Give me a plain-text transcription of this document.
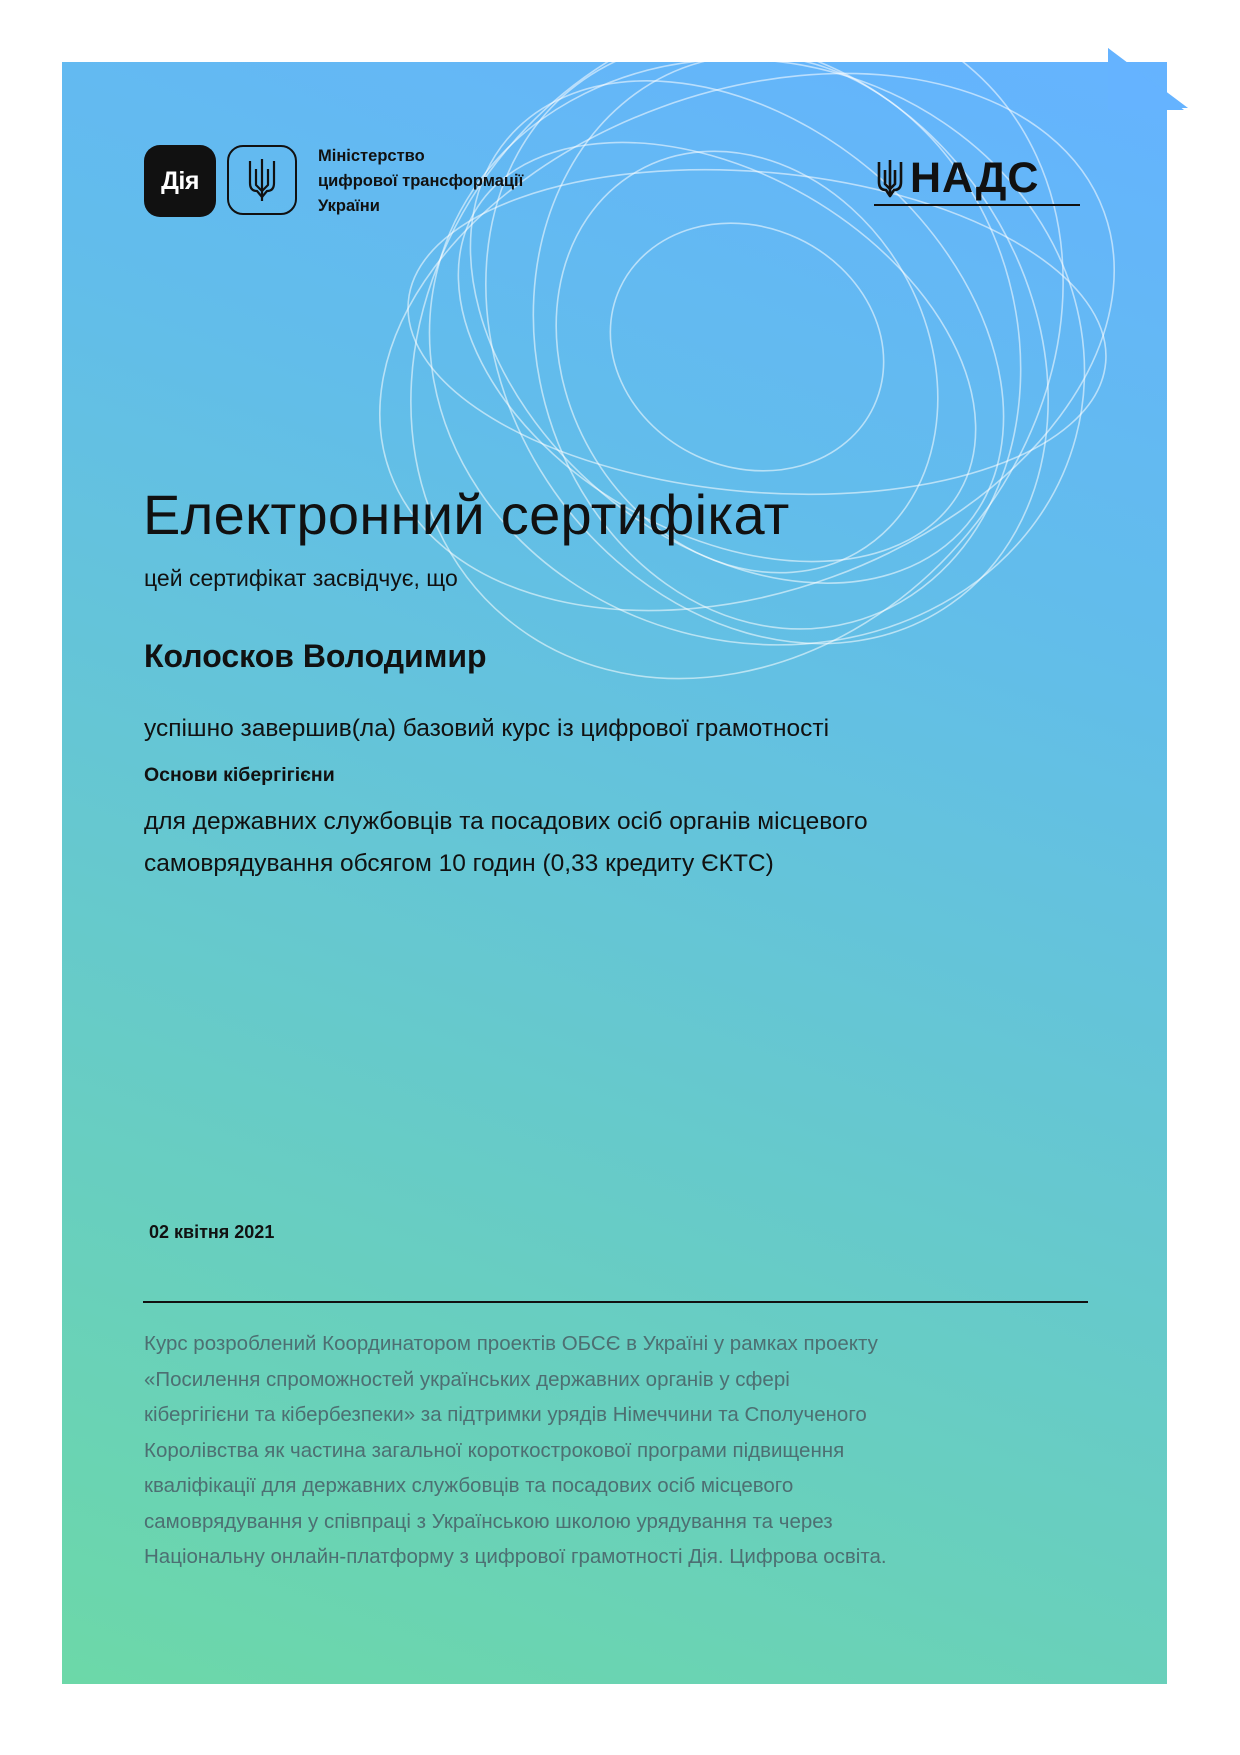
Дія
Міністерство
цифрової трансформації
України
НАДС
Електронний сертифікат
цей сертифікат засвідчує, що
Колосков Володимир
успішно завершив(ла) базовий курс із цифрової грамотності
Основи кібергігієни
для державних службовців та посадових осіб органів місцевого
самоврядування обсягом 10 годин (0,33 кредиту ЄКТС)
02 квітня 2021
Курс розроблений Координатором проектів ОБСЄ в Україні у рамках проекту
«Посилення спроможностей українських державних органів у сфері
кібергігієни та кібербезпеки» за підтримки урядів Німеччини та Сполученого
Королівства як частина загальної короткострокової програми підвищення
кваліфікації для державних службовців та посадових осіб місцевого
самоврядування у співпраці з Українською школою урядування та через
Національну онлайн-платформу з цифрової грамотності Дія. Цифрова освіта.
